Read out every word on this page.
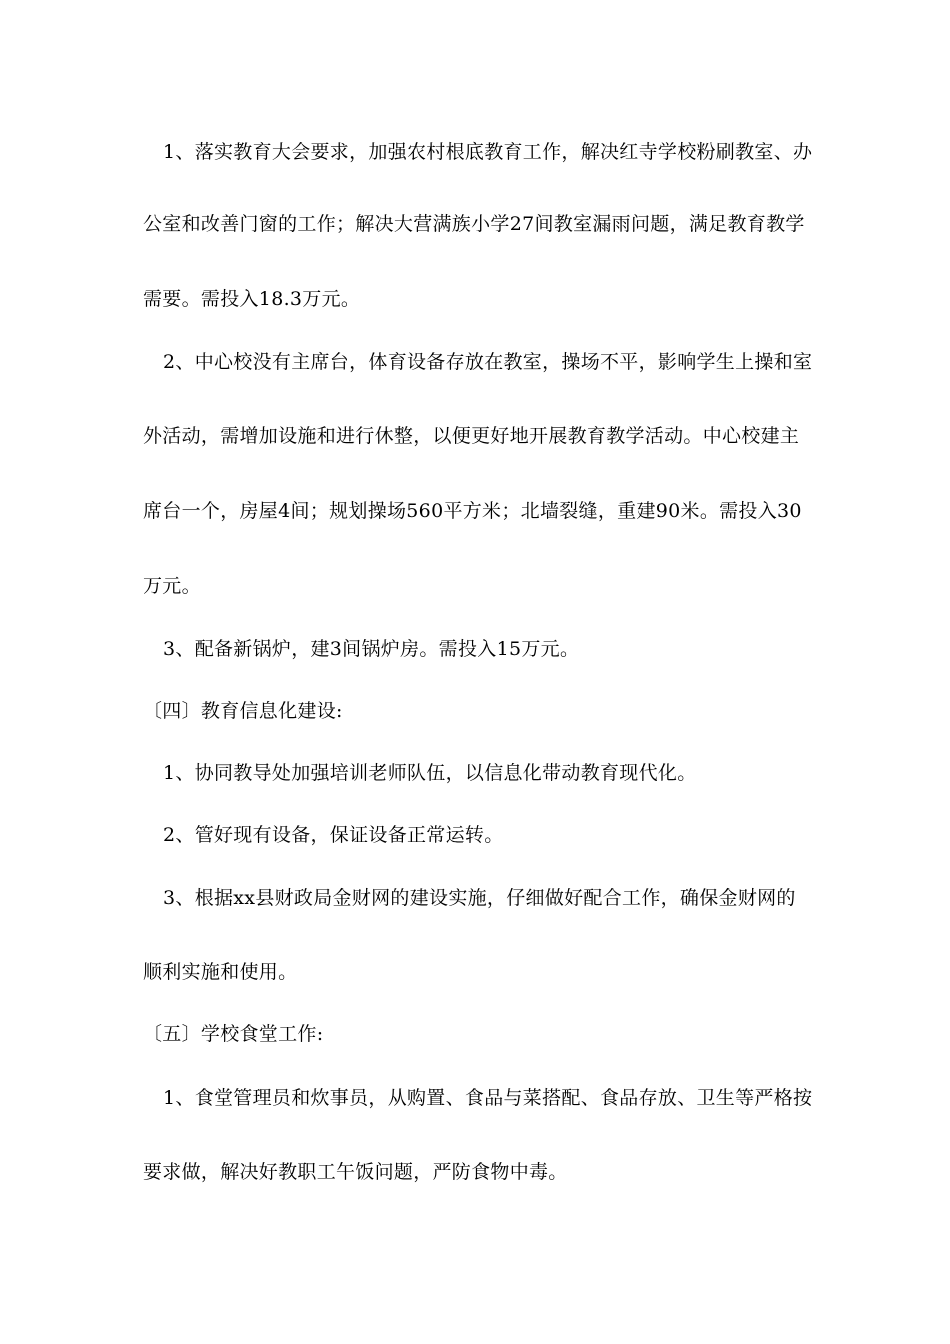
1、落实教育大会要求，加强农村根底教育工作，解决红寺学校粉刷教室、办
公室和改善门窗的工作；解决大营满族小学27间教室漏雨问题，满足教育教学
需要。需投入18.3万元。
2、中心校没有主席台，体育设备存放在教室，操场不平，影响学生上操和室
外活动，需增加设施和进行休整，以便更好地开展教育教学活动。中心校建主
席台一个，房屋4间；规划操场560平方米；北墙裂缝，重建90米。需投入30
万元。
3、配备新锅炉，建3间锅炉房。需投入15万元。
〔四〕教育信息化建设:
1、协同教导处加强培训老师队伍，以信息化带动教育现代化。
2、管好现有设备，保证设备正常运转。
3、根据xx县财政局金财网的建设实施，仔细做好配合工作，确保金财网的
顺利实施和使用。
〔五〕学校食堂工作:
1、食堂管理员和炊事员，从购置、食品与菜搭配、食品存放、卫生等严格按
要求做，解决好教职工午饭问题，严防食物中毒。
